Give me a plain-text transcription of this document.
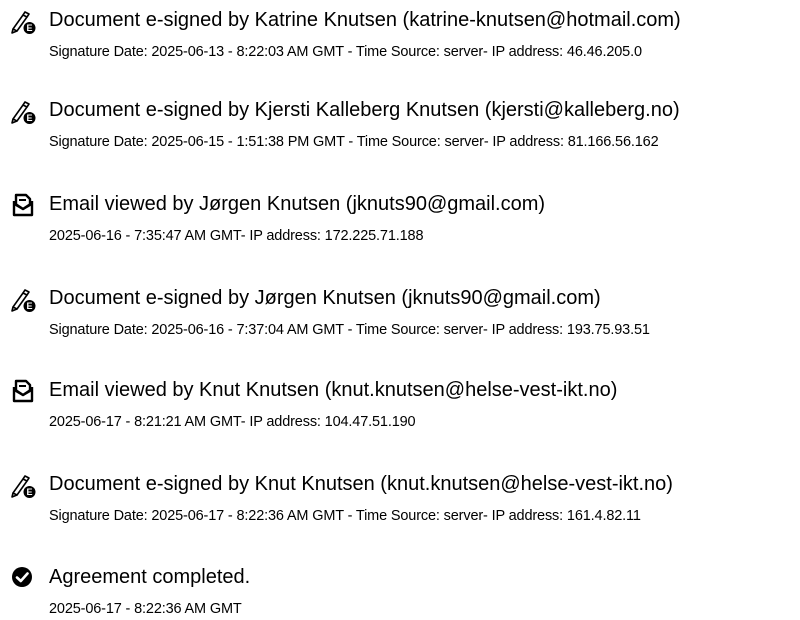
E Document e-signed by Katrine Knutsen (katrine-knutsen@hotmail.com)
Signature Date: 2025-06-13 - 8:22:03 AM GMT - Time Source: server- IP address: 46.46.205.0
E Document e-signed by Kjersti Kalleberg Knutsen (kjersti@kalleberg.no)
Signature Date: 2025-06-15 - 1:51:38 PM GMT - Time Source: server- IP address: 81.166.56.162
Email viewed by Jørgen Knutsen (jknuts90@gmail.com)
2025-06-16 - 7:35:47 AM GMT- IP address: 172.225.71.188
E Document e-signed by Jørgen Knutsen (jknuts90@gmail.com)
Signature Date: 2025-06-16 - 7:37:04 AM GMT - Time Source: server- IP address: 193.75.93.51
Email viewed by Knut Knutsen (knut.knutsen@helse-vest-ikt.no)
2025-06-17 - 8:21:21 AM GMT- IP address: 104.47.51.190
E Document e-signed by Knut Knutsen (knut.knutsen@helse-vest-ikt.no)
Signature Date: 2025-06-17 - 8:22:36 AM GMT - Time Source: server- IP address: 161.4.82.11
Agreement completed.
2025-06-17 - 8:22:36 AM GMT
